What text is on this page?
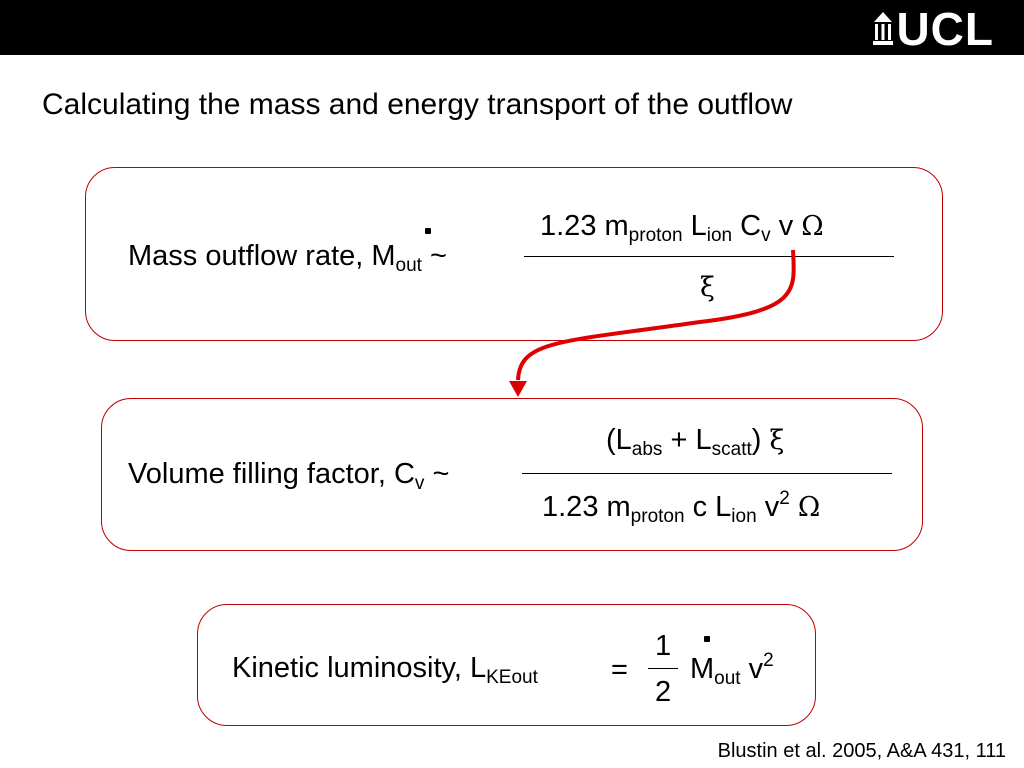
UCL
Calculating the mass and energy transport of the outflow
Mass outflow rate, $M_{out}$ ~
1.23 $m_{proton}$ $L_{ion}$ $C_v$ v Ω
ξ
Volume filling factor, $C_v$ ~
$(L_{abs} + L_{scatt})$ ξ
1.23 $m_{proton}$ c $L_{ion}$ $v^2$ Ω
Kinetic luminosity, $L_{KEout}$	=
1
2
$M_{out}$ $v^2$
Blustin et al. 2005, A&A 431, 111
